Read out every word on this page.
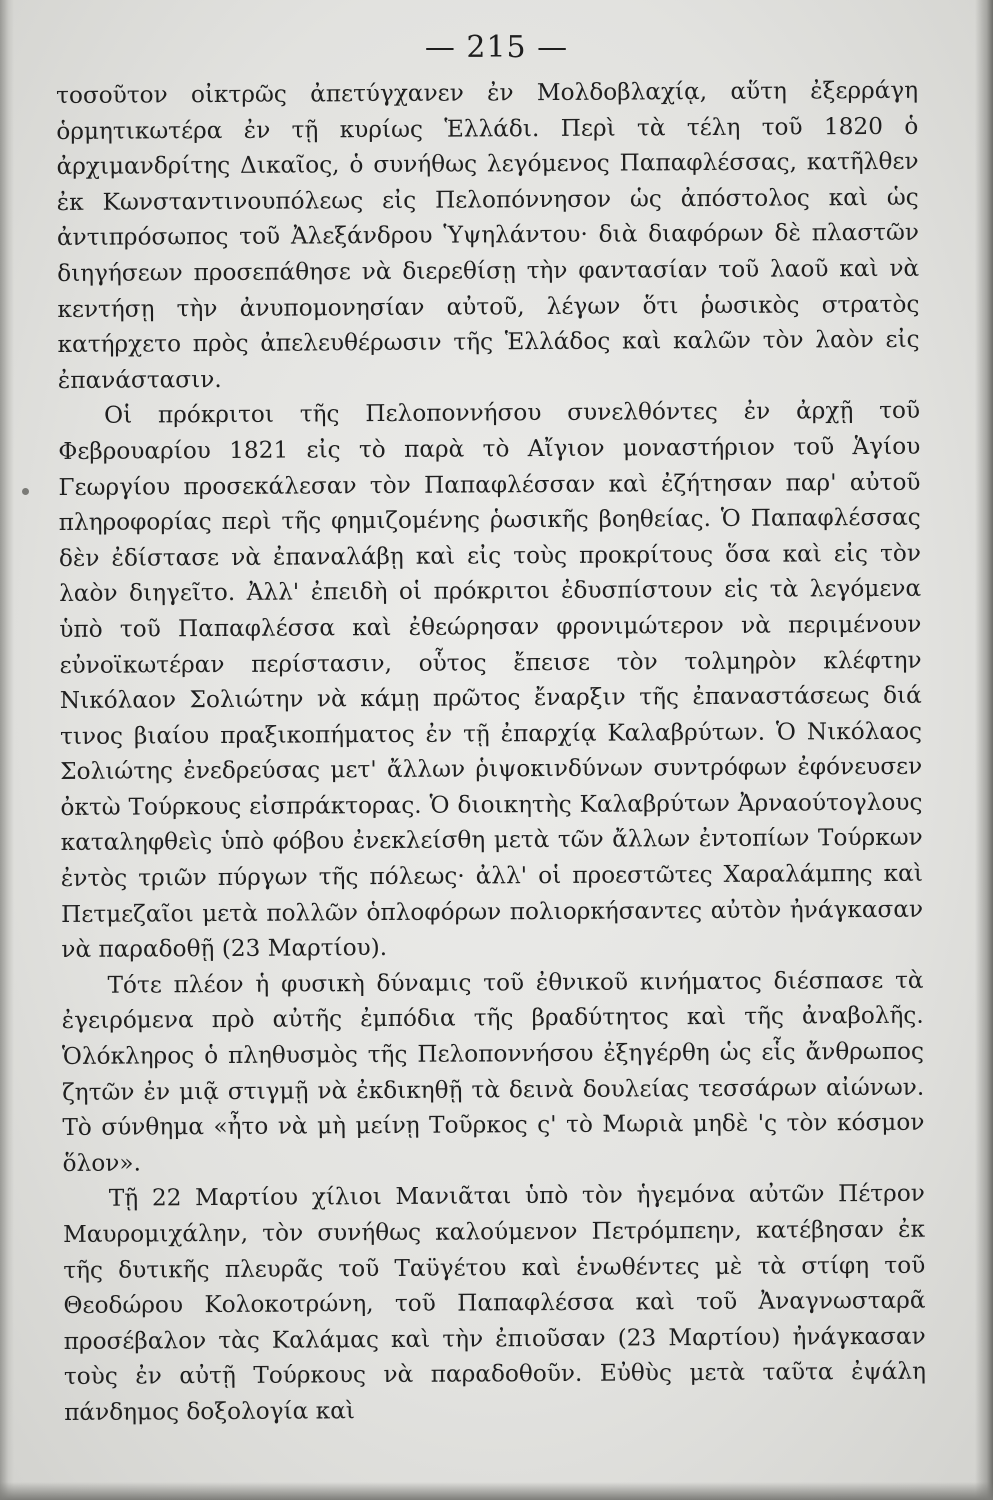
— 215 —

τοσοῦτον οἰκτρῶς ἀπετύγχανεν ἐν Μολδοβλαχίᾳ, αὕτη ἐξερράγη ὁρμητικωτέρα ἐν τῇ κυρίως Ἑλλάδι. Περὶ τὰ τέλη τοῦ 1820 ὁ ἀρχιμανδρίτης Δικαῖος, ὁ συνήθως λεγόμενος Παπαφλέσσας, κατῆλθεν ἐκ Κωνσταντινουπόλεως εἰς Πελοπόννησον ὡς ἀπόστολος καὶ ὡς ἀντιπρόσωπος τοῦ Ἀλεξάνδρου Ὑψηλάντου· διὰ διαφόρων δὲ πλαστῶν διηγήσεων προσεπάθησε νὰ διερεθίσῃ τὴν φαντασίαν τοῦ λαοῦ καὶ νὰ κεντήσῃ τὴν ἀνυπομονησίαν αὐτοῦ, λέγων ὅτι ῥωσικὸς στρατὸς κατήρχετο πρὸς ἀπελευθέρωσιν τῆς Ἑλλάδος καὶ καλῶν τὸν λαὸν εἰς ἐπανάστασιν.

Οἱ πρόκριτοι τῆς Πελοποννήσου συνελθόντες ἐν ἀρχῇ τοῦ Φεβρουαρίου 1821 εἰς τὸ παρὰ τὸ Αἴγιον μοναστήριον τοῦ Ἁγίου Γεωργίου προσεκάλεσαν τὸν Παπαφλέσσαν καὶ ἐζήτησαν παρ' αὐτοῦ πληροφορίας περὶ τῆς φημιζομένης ῥωσικῆς βοηθείας. Ὁ Παπαφλέσσας δὲν ἐδίστασε νὰ ἐπαναλάβῃ καὶ εἰς τοὺς προκρίτους ὅσα καὶ εἰς τὸν λαὸν διηγεῖτο. Ἀλλ' ἐπειδὴ οἱ πρόκριτοι ἐδυσπίστουν εἰς τὰ λεγόμενα ὑπὸ τοῦ Παπαφλέσσα καὶ ἐθεώρησαν φρονιμώτερον νὰ περιμένουν εὐνοϊκωτέραν περίστασιν, οὗτος ἔπεισε τὸν τολμηρὸν κλέφτην Νικόλαον Σολιώτην νὰ κάμῃ πρῶτος ἔναρξιν τῆς ἐπαναστάσεως διά τινος βιαίου πραξικοπήματος ἐν τῇ ἐπαρχίᾳ Καλαβρύτων. Ὁ Νικόλαος Σολιώτης ἐνεδρεύσας μετ' ἄλλων ῥιψοκινδύνων συντρόφων ἐφόνευσεν ὀκτὼ Τούρκους εἰσπράκτορας. Ὁ διοικητὴς Καλαβρύτων Ἀρναούτογλους καταληφθεὶς ὑπὸ φόβου ἐνεκλείσθη μετὰ τῶν ἄλλων ἐντοπίων Τούρκων ἐντὸς τριῶν πύργων τῆς πόλεως· ἀλλ' οἱ προεστῶτες Χαραλάμπης καὶ Πετμεζαῖοι μετὰ πολλῶν ὁπλοφόρων πολιορκήσαντες αὐτὸν ἠνάγκασαν νὰ παραδοθῇ (23 Μαρτίου).

Τότε πλέον ἡ φυσικὴ δύναμις τοῦ ἐθνικοῦ κινήματος διέσπασε τὰ ἐγειρόμενα πρὸ αὐτῆς ἐμπόδια τῆς βραδύτητος καὶ τῆς ἀναβολῆς. Ὁλόκληρος ὁ πληθυσμὸς τῆς Πελοποννήσου ἐξηγέρθη ὡς εἷς ἄνθρωπος ζητῶν ἐν μιᾷ στιγμῇ νὰ ἐκδικηθῇ τὰ δεινὰ δουλείας τεσσάρων αἰώνων. Τὸ σύνθημα «ἦτο νὰ μὴ μείνῃ Τοῦρκος ς' τὸ Μωριὰ μηδὲ 'ς τὸν κόσμον ὅλον».

Τῇ 22 Μαρτίου χίλιοι Μανιᾶται ὑπὸ τὸν ἡγεμόνα αὐτῶν Πέτρον Μαυρομιχάλην, τὸν συνήθως καλούμενον Πετρόμπεην, κατέβησαν ἐκ τῆς δυτικῆς πλευρᾶς τοῦ Ταϋγέτου καὶ ἑνωθέντες μὲ τὰ στίφη τοῦ Θεοδώρου Κολοκοτρώνη, τοῦ Παπαφλέσσα καὶ τοῦ Ἀναγνωσταρᾶ προσέβαλον τὰς Καλάμας καὶ τὴν ἐπιοῦσαν (23 Μαρτίου) ἠνάγκασαν τοὺς ἐν αὐτῇ Τούρκους νὰ παραδοθοῦν. Εὐθὺς μετὰ ταῦτα ἐψάλη πάνδημος δοξολογία καὶ
